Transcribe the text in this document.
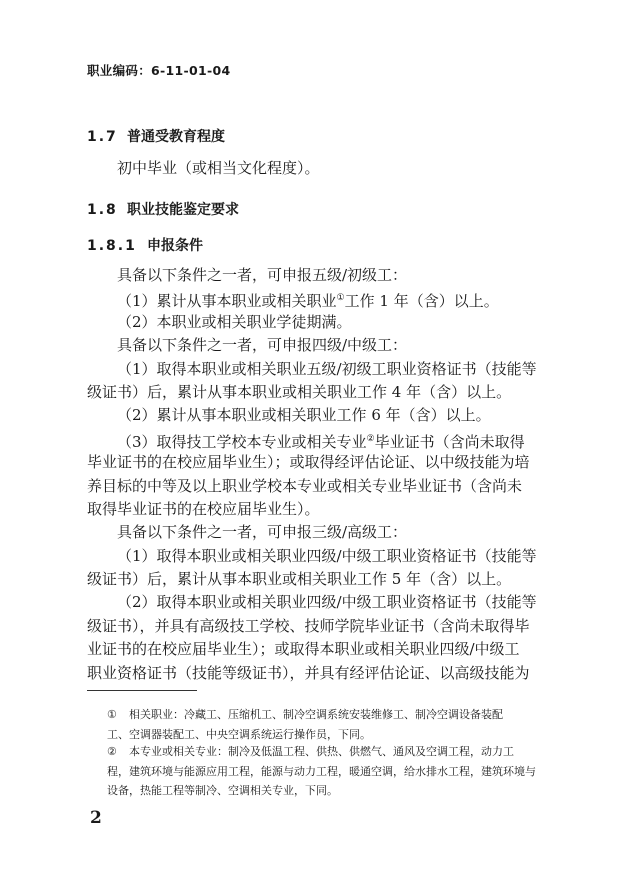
职业编码：6-11-01-04
1.7 普通受教育程度
初中毕业（或相当文化程度）。
1.8 职业技能鉴定要求
1.8.1 申报条件
具备以下条件之一者，可申报五级/初级工：
（1）累计从事本职业或相关职业①工作 1 年（含）以上。
（2）本职业或相关职业学徒期满。
具备以下条件之一者，可申报四级/中级工：
（1）取得本职业或相关职业五级/初级工职业资格证书（技能等
级证书）后，累计从事本职业或相关职业工作 4 年（含）以上。
（2）累计从事本职业或相关职业工作 6 年（含）以上。
（3）取得技工学校本专业或相关专业②毕业证书（含尚未取得
毕业证书的在校应届毕业生）；或取得经评估论证、以中级技能为培
养目标的中等及以上职业学校本专业或相关专业毕业证书（含尚未
取得毕业证书的在校应届毕业生）。
具备以下条件之一者，可申报三级/高级工：
（1）取得本职业或相关职业四级/中级工职业资格证书（技能等
级证书）后，累计从事本职业或相关职业工作 5 年（含）以上。
（2）取得本职业或相关职业四级/中级工职业资格证书（技能等
级证书），并具有高级技工学校、技师学院毕业证书（含尚未取得毕
业证书的在校应届毕业生）；或取得本职业或相关职业四级/中级工
职业资格证书（技能等级证书），并具有经评估论证、以高级技能为
① 相关职业：冷藏工、压缩机工、制冷空调系统安装维修工、制冷空调设备装配
工、空调器装配工、中央空调系统运行操作员，下同。
② 本专业或相关专业：制冷及低温工程、供热、供燃气、通风及空调工程，动力工
程，建筑环境与能源应用工程，能源与动力工程，暖通空调，给水排水工程，建筑环境与
设备，热能工程等制冷、空调相关专业，下同。
2
